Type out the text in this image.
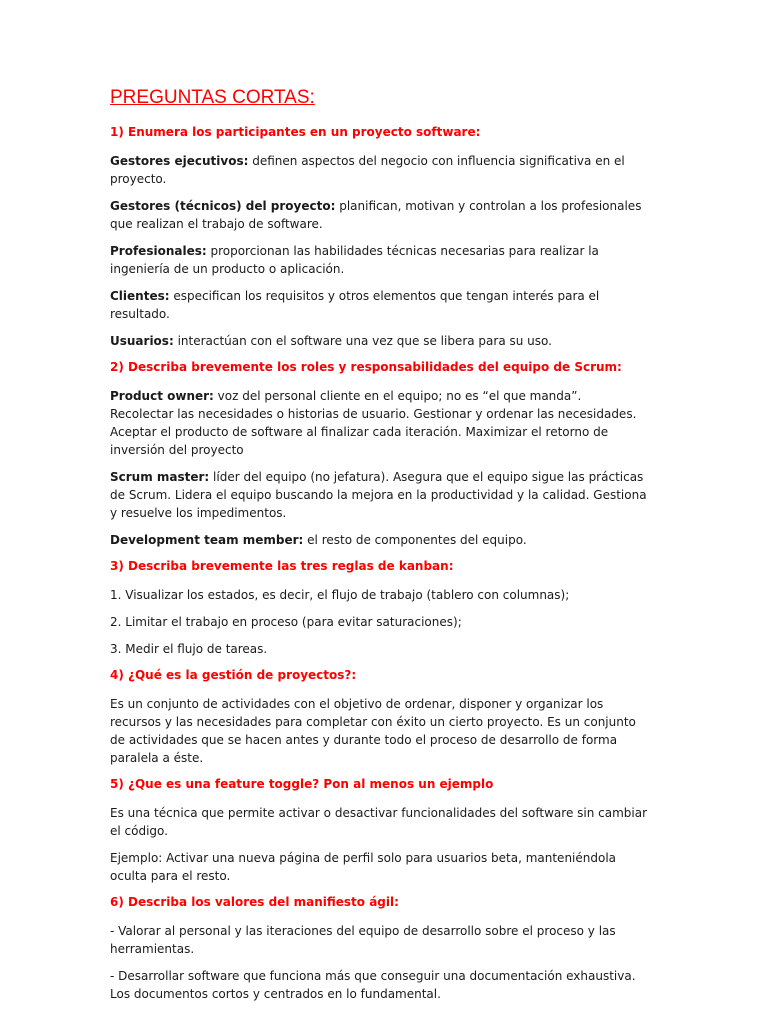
PREGUNTAS CORTAS:
1) Enumera los participantes en un proyecto software:
Gestores ejecutivos: definen aspectos del negocio con influencia significativa en el proyecto.
Gestores (técnicos) del proyecto: planifican, motivan y controlan a los profesionales que realizan el trabajo de software.
Profesionales: proporcionan las habilidades técnicas necesarias para realizar la ingeniería de un producto o aplicación.
Clientes: especifican los requisitos y otros elementos que tengan interés para el resultado.
Usuarios: interactúan con el software una vez que se libera para su uso.
2) Describa brevemente los roles y responsabilidades del equipo de Scrum:
Product owner: voz del personal cliente en el equipo; no es “el que manda”. Recolectar las necesidades o historias de usuario. Gestionar y ordenar las necesidades. Aceptar el producto de software al finalizar cada iteración. Maximizar el retorno de inversión del proyecto
Scrum master: líder del equipo (no jefatura). Asegura que el equipo sigue las prácticas de Scrum. Lidera el equipo buscando la mejora en la productividad y la calidad. Gestiona y resuelve los impedimentos.
Development team member: el resto de componentes del equipo.
3) Describa brevemente las tres reglas de kanban:
1. Visualizar los estados, es decir, el flujo de trabajo (tablero con columnas);
2. Limitar el trabajo en proceso (para evitar saturaciones);
3. Medir el flujo de tareas.
4) ¿Qué es la gestión de proyectos?:
Es un conjunto de actividades con el objetivo de ordenar, disponer y organizar los recursos y las necesidades para completar con éxito un cierto proyecto. Es un conjunto de actividades que se hacen antes y durante todo el proceso de desarrollo de forma paralela a éste.
5) ¿Que es una feature toggle? Pon al menos un ejemplo
Es una técnica que permite activar o desactivar funcionalidades del software sin cambiar el código.
Ejemplo: Activar una nueva página de perfil solo para usuarios beta, manteniéndola oculta para el resto.
6) Describa los valores del manifiesto ágil:
- Valorar al personal y las iteraciones del equipo de desarrollo sobre el proceso y las herramientas.
- Desarrollar software que funciona más que conseguir una documentación exhaustiva. Los documentos cortos y centrados en lo fundamental.
